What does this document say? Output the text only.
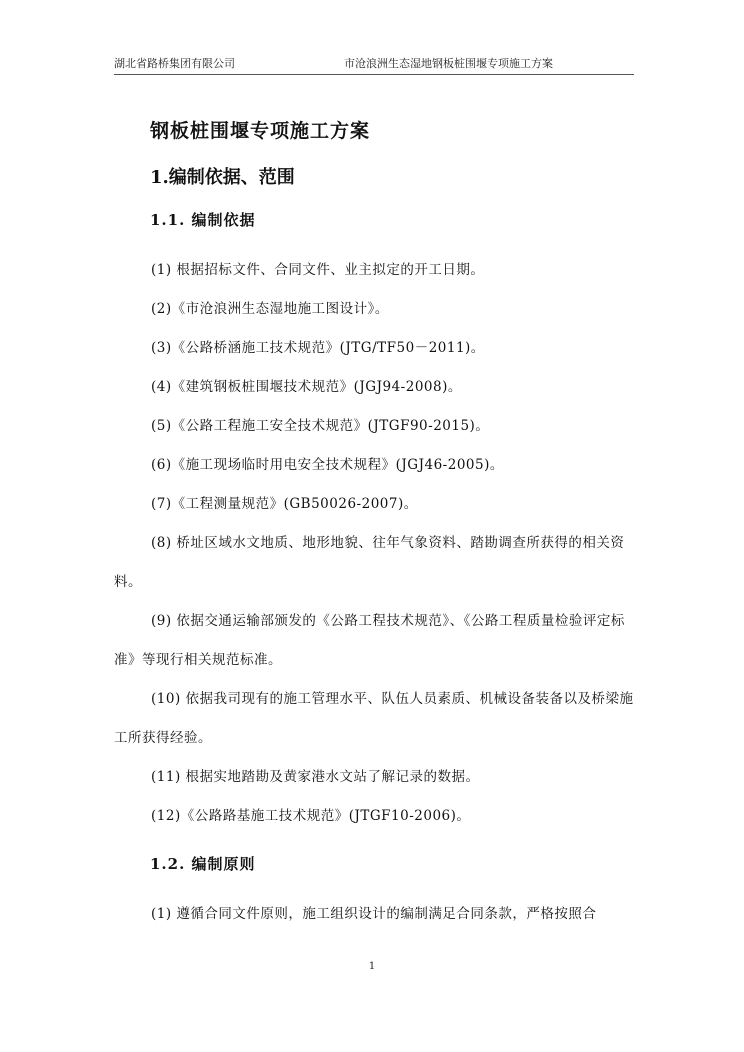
湖北省路桥集团有限公司	市沧浪洲生态湿地钢板桩围堰专项施工方案
钢板桩围堰专项施工方案
1.编制依据、范围
1.1. 编制依据
(1) 根据招标文件、合同文件、业主拟定的开工日期。
(2)《市沧浪洲生态湿地施工图设计》。
(3)《公路桥涵施工技术规范》(JTG/TF50－2011)。
(4)《建筑钢板桩围堰技术规范》(JGJ94-2008)。
(5)《公路工程施工安全技术规范》(JTGF90-2015)。
(6)《施工现场临时用电安全技术规程》(JGJ46-2005)。
(7)《工程测量规范》(GB50026-2007)。
(8) 桥址区域水文地质、地形地貌、往年气象资料、踏勘调查所获得的相关资料。
(9) 依据交通运输部颁发的《公路工程技术规范》、《公路工程质量检验评定标准》等现行相关规范标准。
(10) 依据我司现有的施工管理水平、队伍人员素质、机械设备装备以及桥梁施工所获得经验。
(11) 根据实地踏勘及黄家港水文站了解记录的数据。
(12)《公路路基施工技术规范》(JTGF10-2006)。
1.2. 编制原则
(1) 遵循合同文件原则，施工组织设计的编制满足合同条款，严格按照合
1
